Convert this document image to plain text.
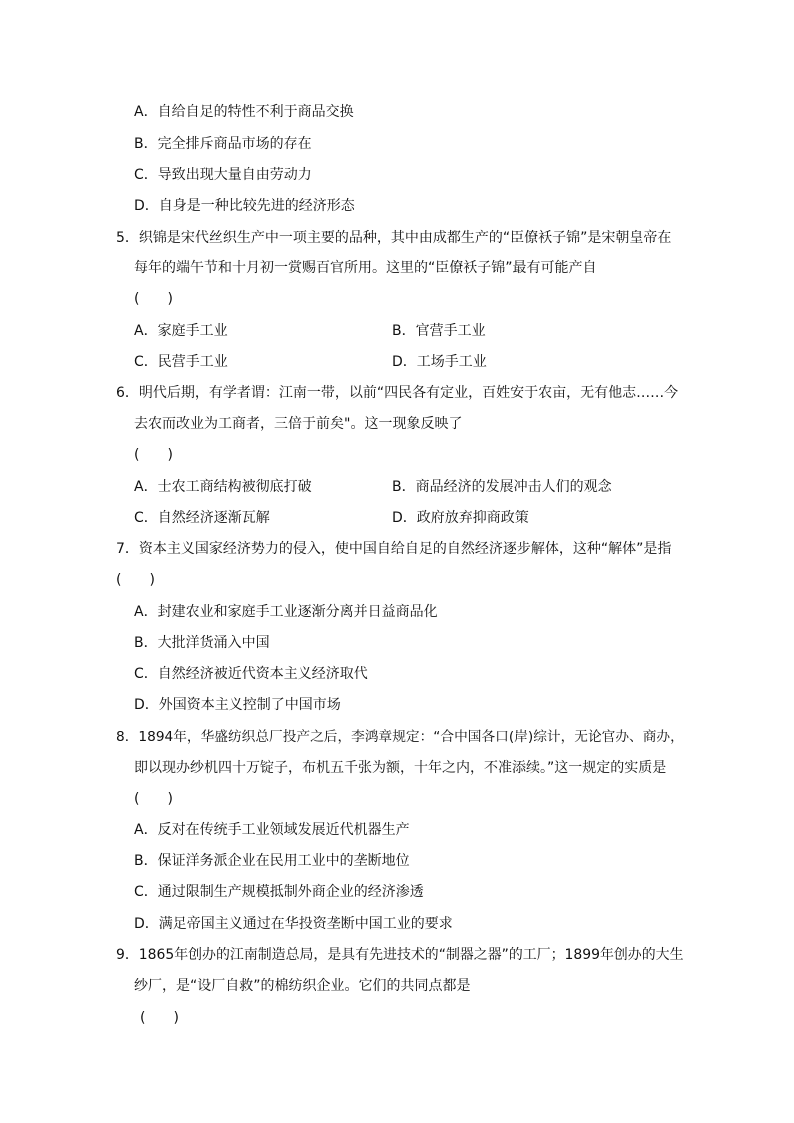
A．自给自足的特性不利于商品交换
B．完全排斥商品市场的存在
C．导致出现大量自由劳动力
D．自身是一种比较先进的经济形态
5．织锦是宋代丝织生产中一项主要的品种，其中由成都生产的“臣僚袄子锦”是宋朝皇帝在
每年的端午节和十月初一赏赐百官所用。这里的“臣僚袄子锦”最有可能产自
(　　)
A．家庭手工业	B．官营手工业
C．民营手工业	D．工场手工业
6．明代后期，有学者谓：江南一带，以前“四民各有定业，百姓安于农亩，无有他志……今
去农而改业为工商者，三倍于前矣"。这一现象反映了
(　　)
A．士农工商结构被彻底打破	B．商品经济的发展冲击人们的观念
C．自然经济逐渐瓦解	D．政府放弃抑商政策
7．资本主义国家经济势力的侵入，使中国自给自足的自然经济逐步解体，这种“解体”是指
(　　)
A．封建农业和家庭手工业逐渐分离并日益商品化
B．大批洋货涌入中国
C．自然经济被近代资本主义经济取代
D．外国资本主义控制了中国市场
8．1894年，华盛纺织总厂投产之后，李鸿章规定：“合中国各口(岸)综计，无论官办、商办，
即以现办纱机四十万锭子，布机五千张为额，十年之内，不准添续。”这一规定的实质是
(　　)
A．反对在传统手工业领域发展近代机器生产
B．保证洋务派企业在民用工业中的垄断地位
C．通过限制生产规模抵制外商企业的经济渗透
D．满足帝国主义通过在华投资垄断中国工业的要求
9．1865年创办的江南制造总局，是具有先进技术的“制器之器”的工厂；1899年创办的大生
纱厂，是“设厂自救”的棉纺织企业。它们的共同点都是
(　　)
